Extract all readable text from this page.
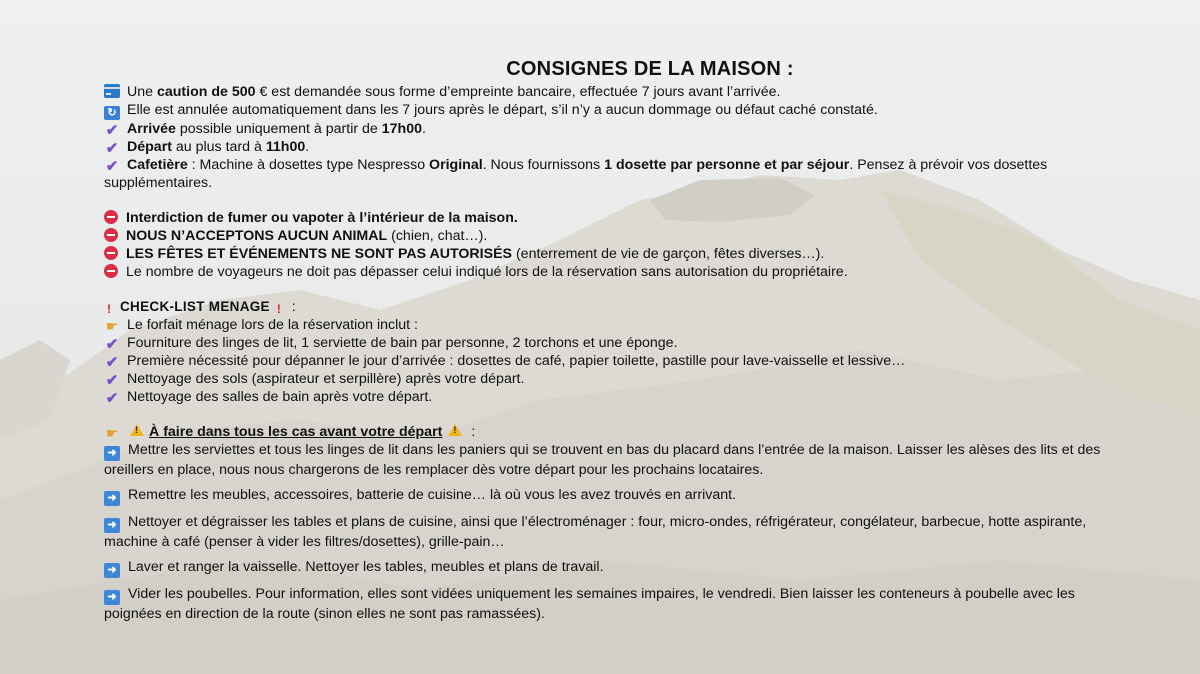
CONSIGNES DE LA MAISON :
Une caution de 500 € est demandée sous forme d’empreinte bancaire, effectuée 7 jours avant l’arrivée.
↻ Elle est annulée automatiquement dans les 7 jours après le départ, s’il n’y a aucun dommage ou défaut caché constaté.
✔ Arrivée possible uniquement à partir de 17h00.
✔ Départ au plus tard à 11h00.
✔ Cafetière : Machine à dosettes type Nespresso Original. Nous fournissons 1 dosette par personne et par séjour. Pensez à prévoir vos dosettes supplémentaires.
Interdiction de fumer ou vapoter à l’intérieur de la maison.
NOUS N’ACCEPTONS AUCUN ANIMAL (chien, chat…).
LES FÊTES ET ÉVÉNEMENTS NE SONT PAS AUTORISÉS (enterrement de vie de garçon, fêtes diverses…).
Le nombre de voyageurs ne doit pas dépasser celui indiqué lors de la réservation sans autorisation du propriétaire.
! CHECK-LIST MENAGE ! :
☛ Le forfait ménage lors de la réservation inclut :
✔ Fourniture des linges de lit, 1 serviette de bain par personne, 2 torchons et une éponge.
✔ Première nécessité pour dépanner le jour d’arrivée : dosettes de café, papier toilette, pastille pour lave-vaisselle et lessive…
✔ Nettoyage des sols (aspirateur et serpillère) après votre départ.
✔ Nettoyage des salles de bain après votre départ.
☛! À faire dans tous les cas avant votre départ! :
➜ Mettre les serviettes et tous les linges de lit dans les paniers qui se trouvent en bas du placard dans l’entrée de la maison. Laisser les alèses des lits et des oreillers en place, nous nous chargerons de les remplacer dès votre départ pour les prochains locataires.
➜ Remettre les meubles, accessoires, batterie de cuisine… là où vous les avez trouvés en arrivant.
➜ Nettoyer et dégraisser les tables et plans de cuisine, ainsi que l’électroménager : four, micro-ondes, réfrigérateur, congélateur, barbecue, hotte aspirante, machine à café (penser à vider les filtres/dosettes), grille-pain…
➜ Laver et ranger la vaisselle. Nettoyer les tables, meubles et plans de travail.
➜ Vider les poubelles. Pour information, elles sont vidées uniquement les semaines impaires, le vendredi. Bien laisser les conteneurs à poubelle avec les poignées en direction de la route (sinon elles ne sont pas ramassées).
